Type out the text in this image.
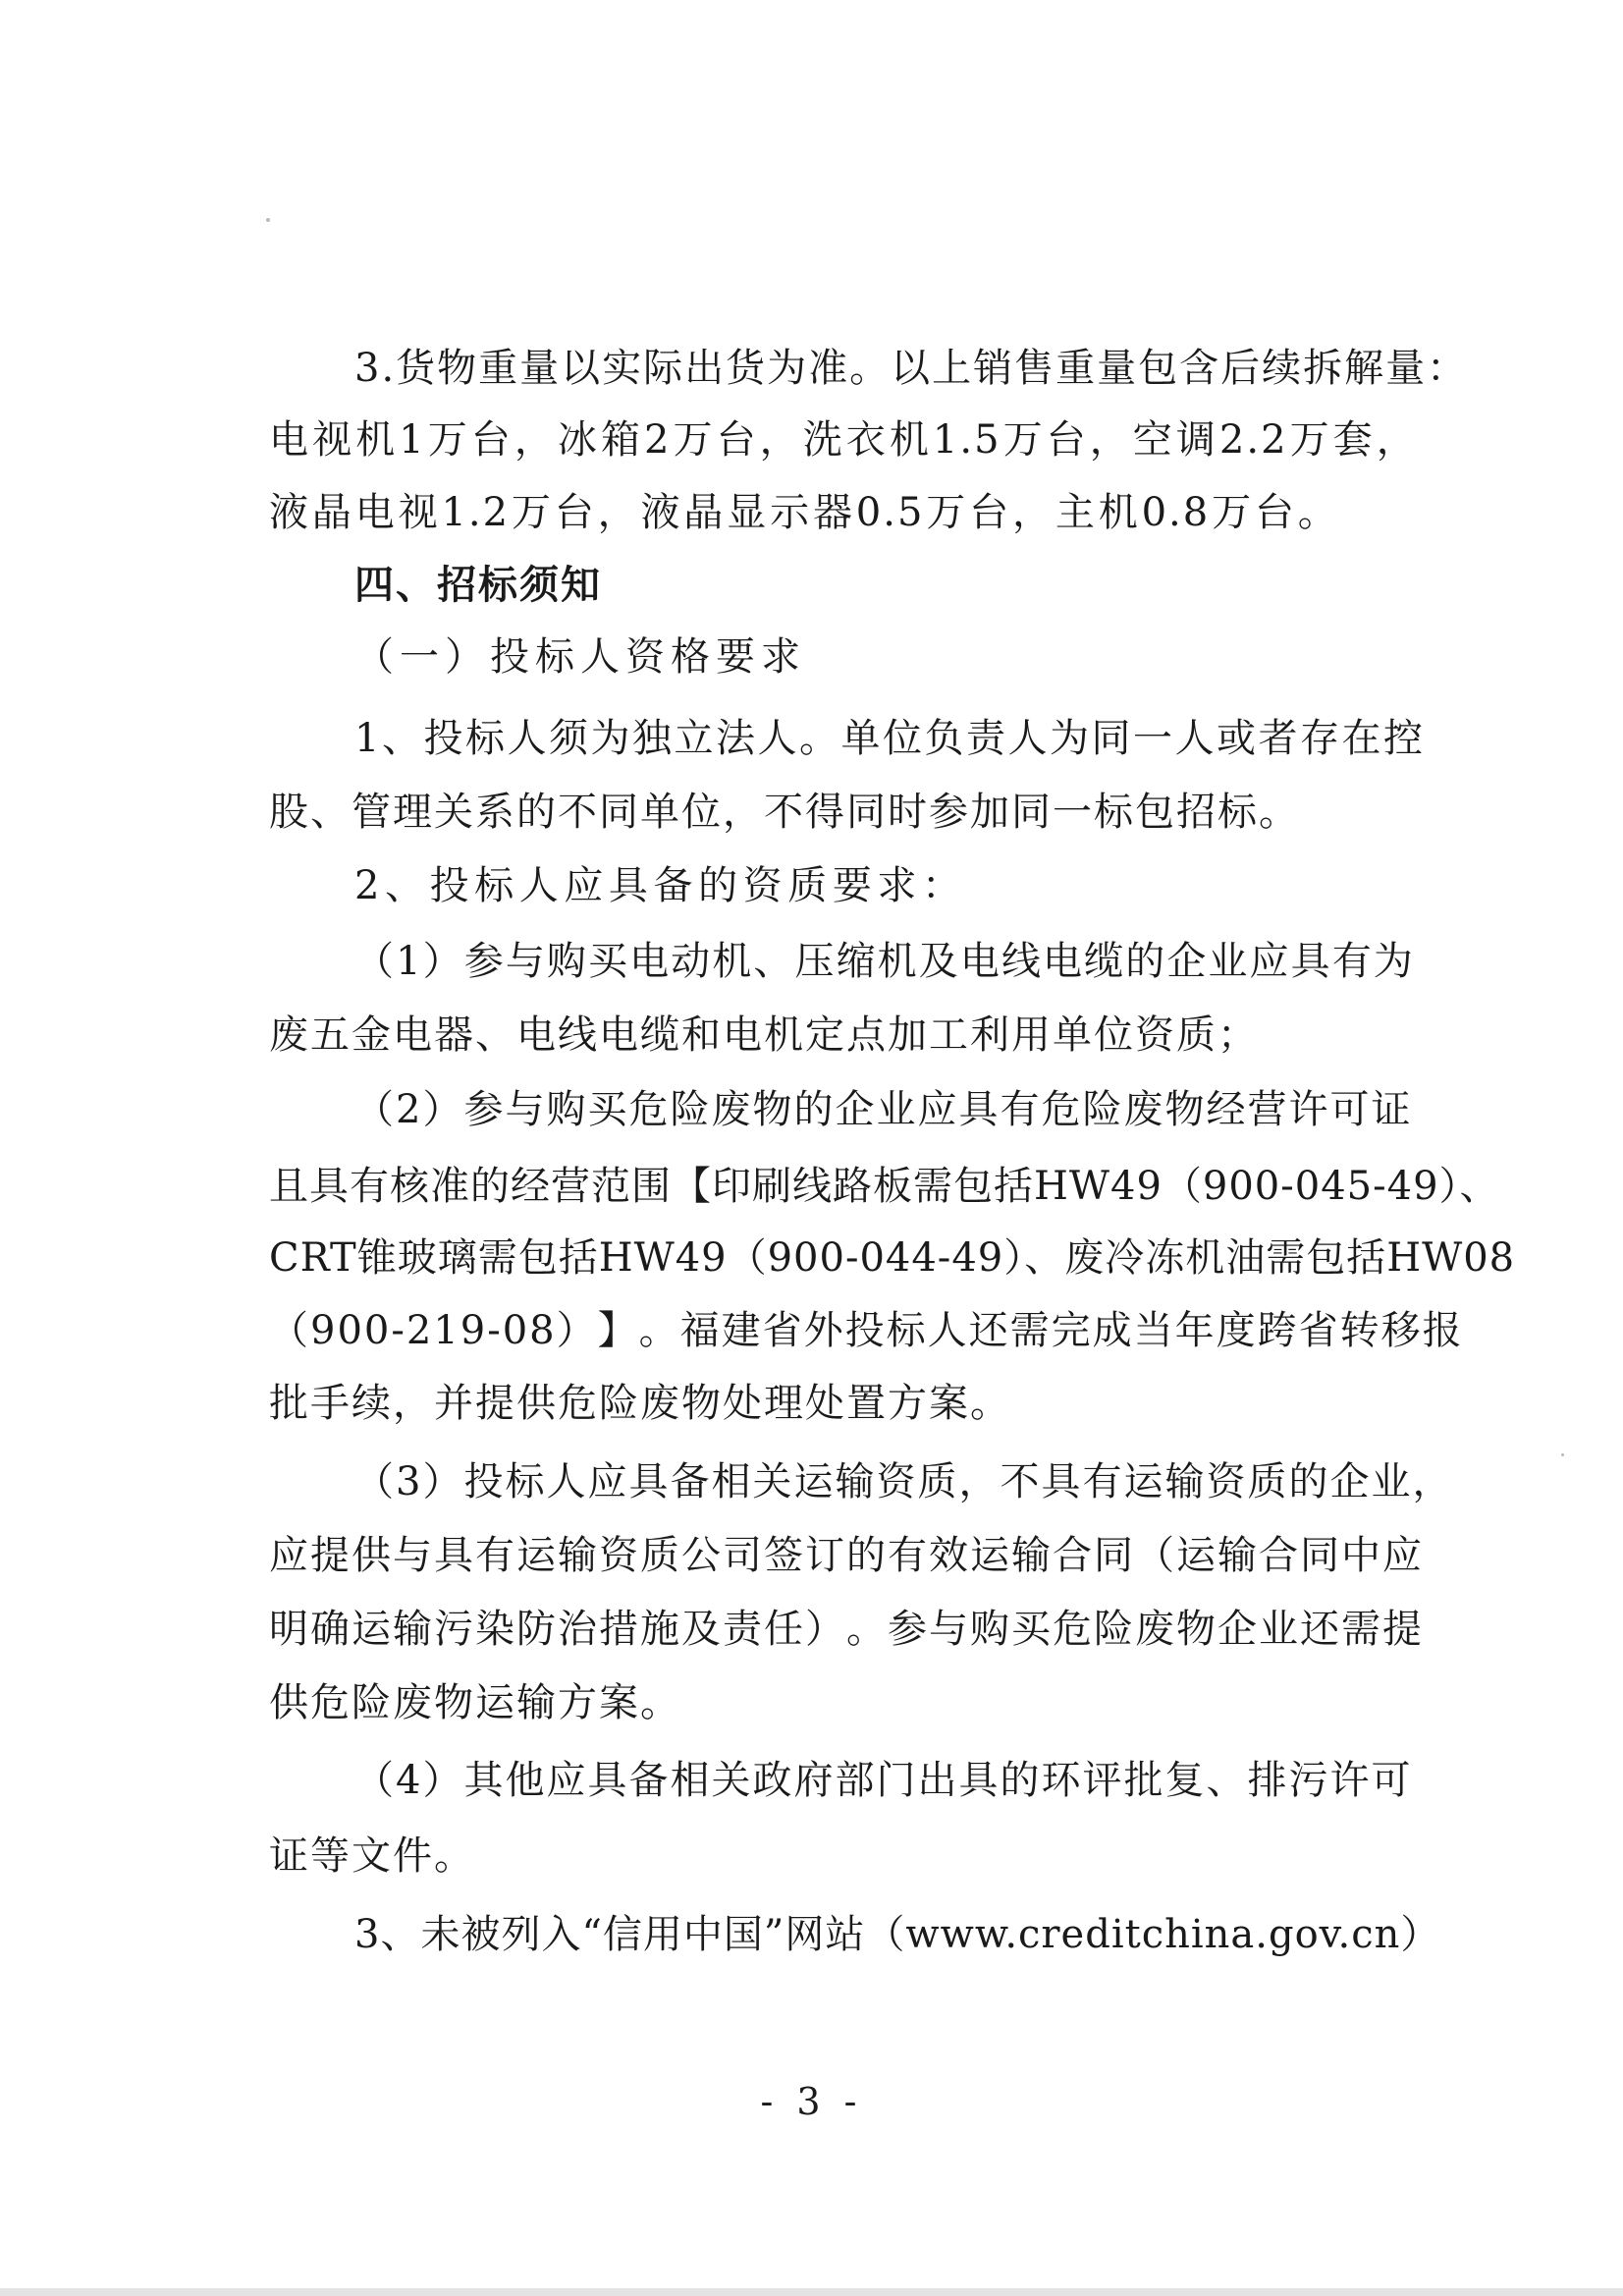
3. 货 物 重 量 以 实 际 出 货 为 准 。 以 上 销 售 重 量 包 含 后 续 拆 解 量 ：
电 视 机 1 万 台 ， 冰 箱 2 万 台 ， 洗 衣 机 1.5 万 台 ， 空 调 2.2 万 套 ，
液 晶 电 视 1.2 万 台 ， 液 晶 显 示 器 0.5 万 台 ， 主 机 0.8 万 台 。
四、招标须知
（一）投标人资格要求
1 、 投 标 人 须 为 独 立 法 人 。 单 位 负 责 人 为 同 一 人 或 者 存 在 控
股 、 管 理 关 系 的 不 同 单 位 ， 不 得 同 时 参 加 同 一 标 包 招 标 。
2 、 投 标 人 应 具 备 的 资 质 要 求 ：
（ 1 ） 参 与 购 买 电 动 机 、 压 缩 机 及 电 线 电 缆 的 企 业 应 具 有 为
废 五 金 电 器 、 电 线 电 缆 和 电 机 定 点 加 工 利 用 单 位 资 质 ；
（ 2 ） 参 与 购 买 危 险 废 物 的 企 业 应 具 有 危 险 废 物 经 营 许 可 证
且具有核准的经营范围【印刷线路板需包括HW49（900-045-49）、
CRT锥玻璃需包括HW49（900-044-49）、废冷冻机油需包括HW08
（ 900-219-08 ） 】 。 福 建 省 外 投 标 人 还 需 完 成 当 年 度 跨 省 转 移 报
批 手 续 ， 并 提 供 危 险 废 物 处 理 处 置 方 案 。
（ 3 ） 投 标 人 应 具 备 相 关 运 输 资 质 ， 不 具 有 运 输 资 质 的 企 业 ，
应 提 供 与 具 有 运 输 资 质 公 司 签 订 的 有 效 运 输 合 同 （ 运 输 合 同 中 应
明 确 运 输 污 染 防 治 措 施 及 责 任 ） 。 参 与 购 买 危 险 废 物 企 业 还 需 提
供 危 险 废 物 运 输 方 案 。
（ 4 ） 其 他 应 具 备 相 关 政 府 部 门 出 具 的 环 评 批 复 、 排 污 许 可
证 等 文 件 。
3、未被列入“信用中国”网站（www.creditchina.gov.cn）
- 3 -
